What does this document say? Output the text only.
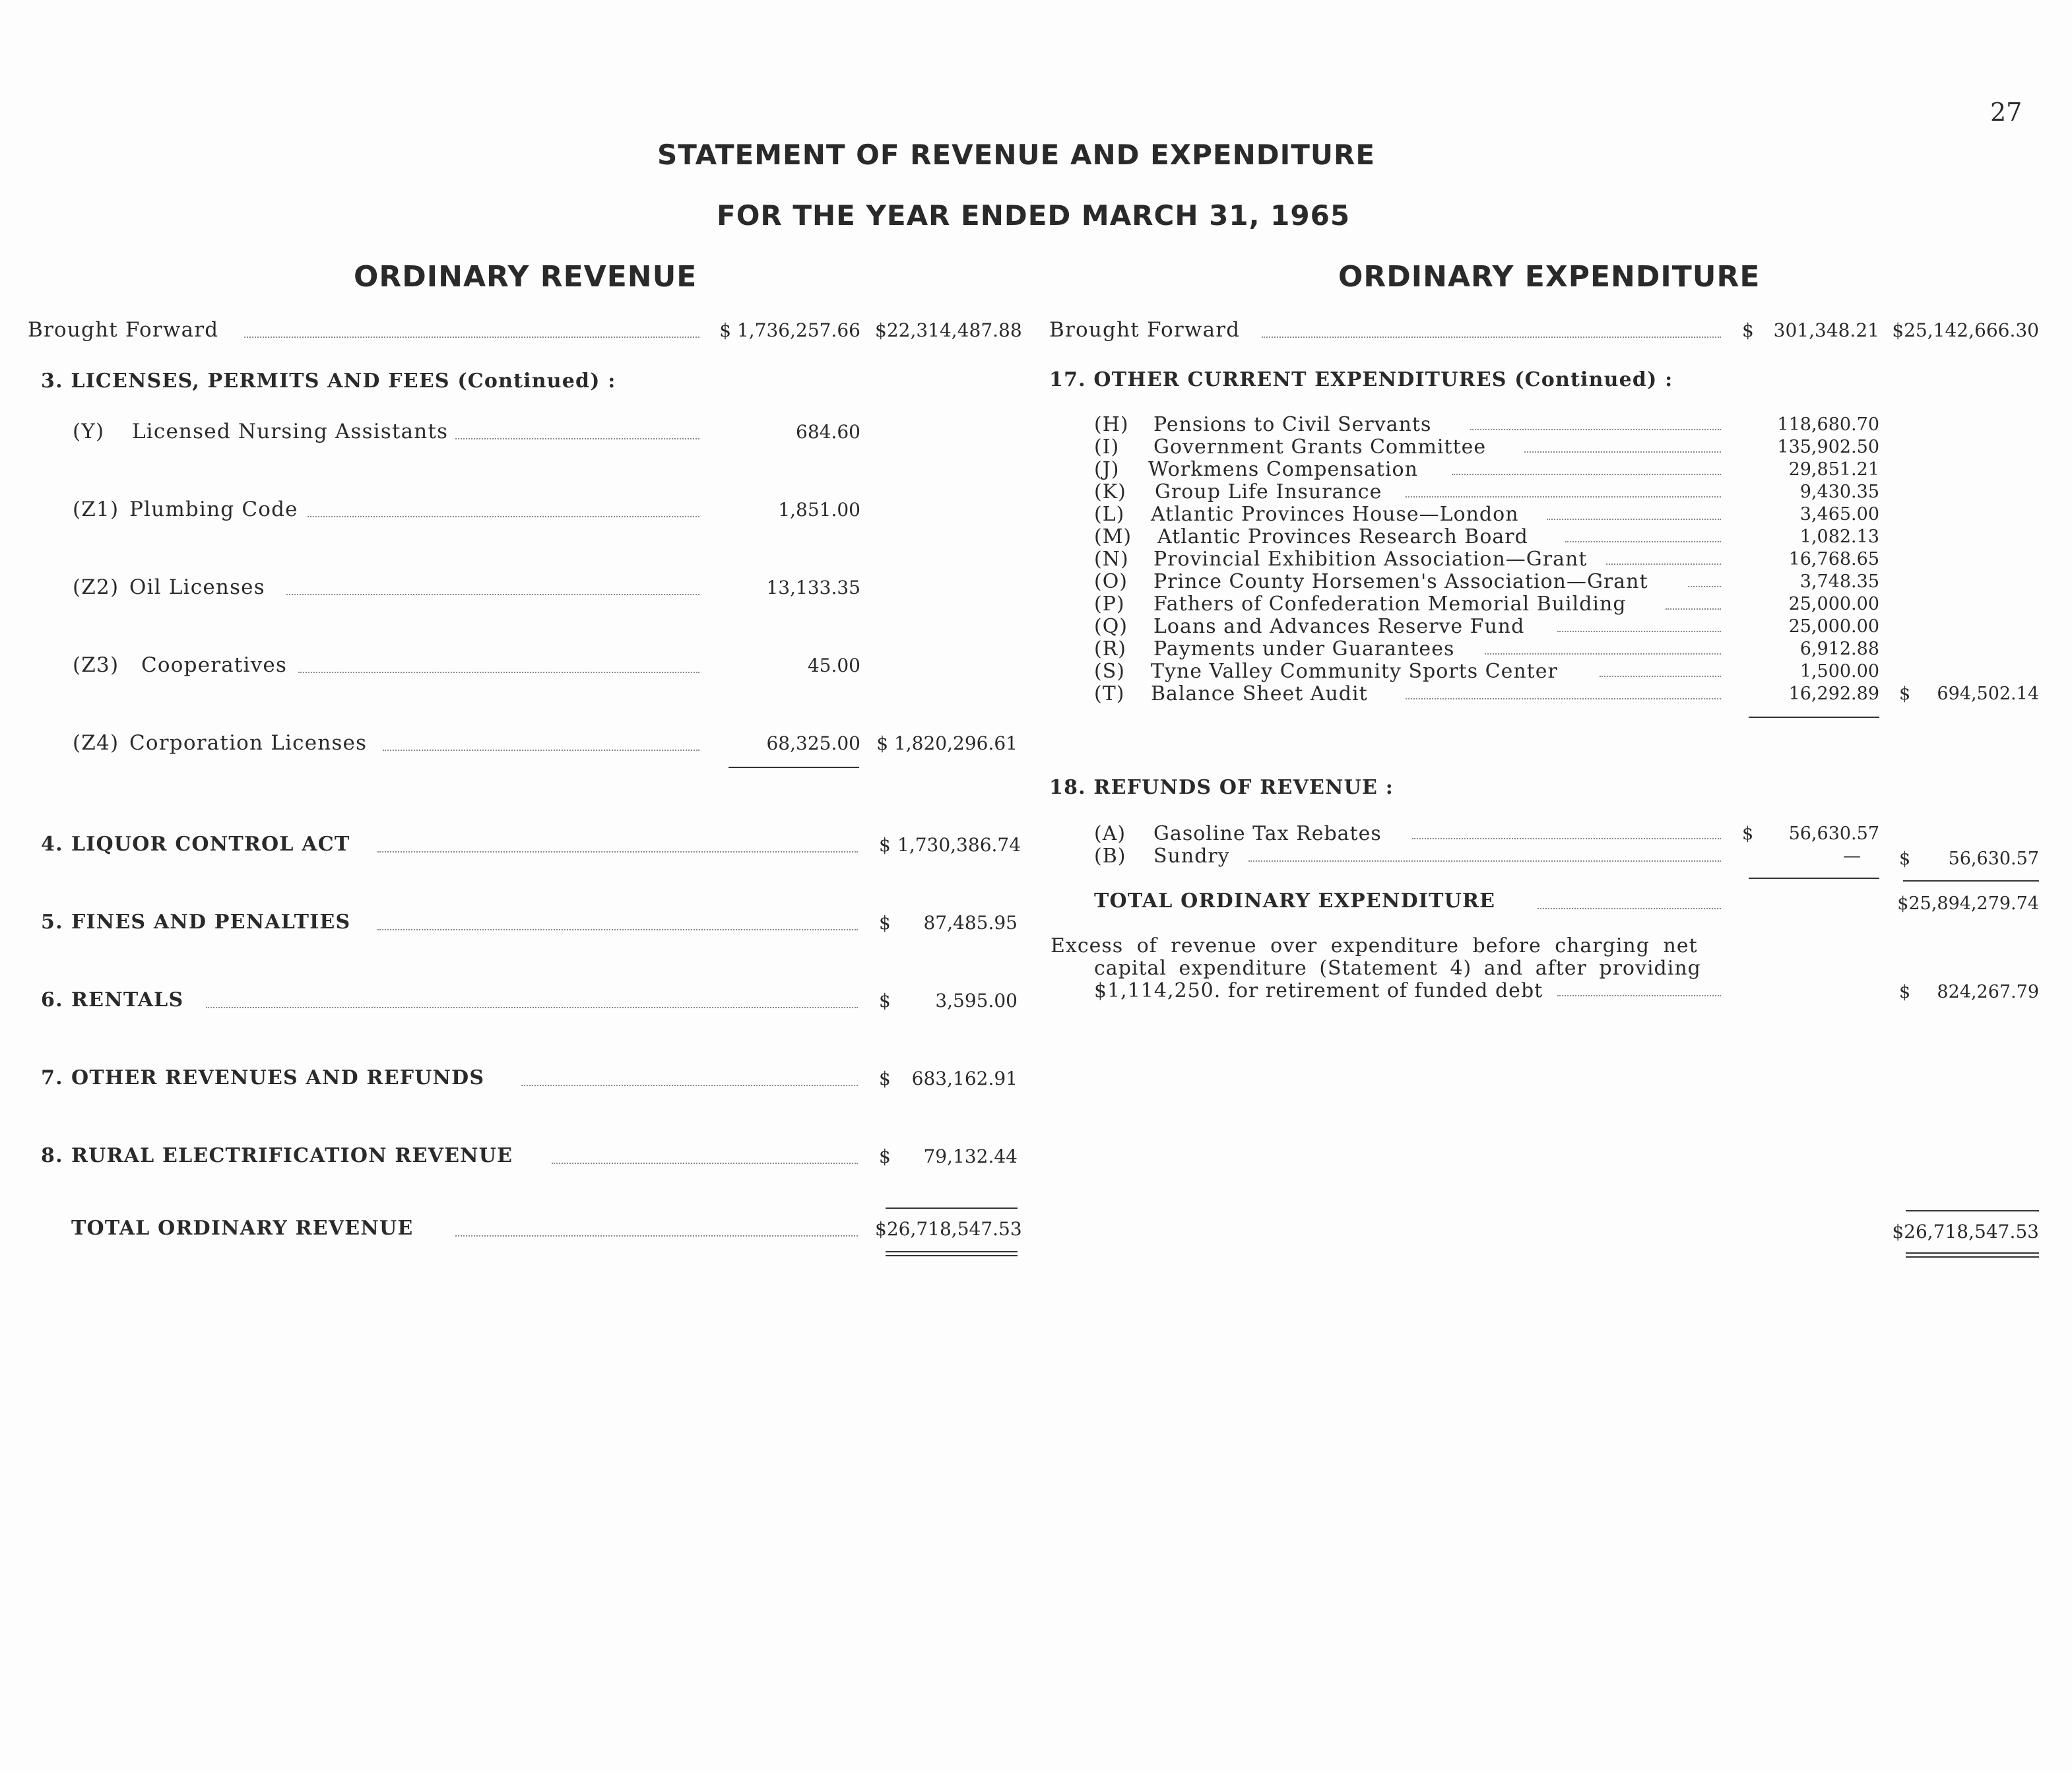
27
STATEMENT OF REVENUE AND EXPENDITURE
FOR THE YEAR ENDED MARCH 31, 1965
ORDINARY REVENUE	ORDINARY EXPENDITURE
Brought Forward	$ 1,736,257.66 $22,314,487.88
3. LICENSES, PERMITS AND FEES (Continued) :
(Y) Licensed Nursing Assistants	684.60
(Z1) Plumbing Code	1,851.00
(Z2) Oil Licenses	13,133.35
(Z3) Cooperatives	45.00
(Z4) Corporation Licenses	68,325.00 $ 1,820,296.61
4. LIQUOR CONTROL ACT	$ 1,730,386.74
5. FINES AND PENALTIES	$	87,485.95
6. RENTALS	$	3,595.00
7. OTHER REVENUES AND REFUNDS	$	683,162.91
8. RURAL ELECTRIFICATION REVENUE	$	79,132.44
TOTAL ORDINARY REVENUE	$26,718,547.53
Brought Forward	$	301,348.21 $25,142,666.30
17. OTHER CURRENT EXPENDITURES (Continued) :
(H) Pensions to Civil Servants	118,680.70
(I) Government Grants Committee	135,902.50
(J) Workmens Compensation	29,851.21
(K) Group Life Insurance	9,430.35
(L) Atlantic Provinces House—London	3,465.00
(M) Atlantic Provinces Research Board	1,082.13
(N) Provincial Exhibition Association—Grant	16,768.65
(O) Prince County Horsemen's Association—Grant	3,748.35
(P) Fathers of Confederation Memorial Building	25,000.00
(Q) Loans and Advances Reserve Fund	25,000.00
(R) Payments under Guarantees	6,912.88
(S) Tyne Valley Community Sports Center	1,500.00
(T) Balance Sheet Audit	16,292.89 $	694,502.14
18. REFUNDS OF REVENUE :
(A) Gasoline Tax Rebates	$	56,630.57
(B) Sundry	— $	56,630.57
TOTAL ORDINARY EXPENDITURE	$25,894,279.74
Excess of revenue over expenditure before charging net
capital expenditure (Statement 4) and after providing
$1,114,250. for retirement of funded debt	$	824,267.79
$26,718,547.53
